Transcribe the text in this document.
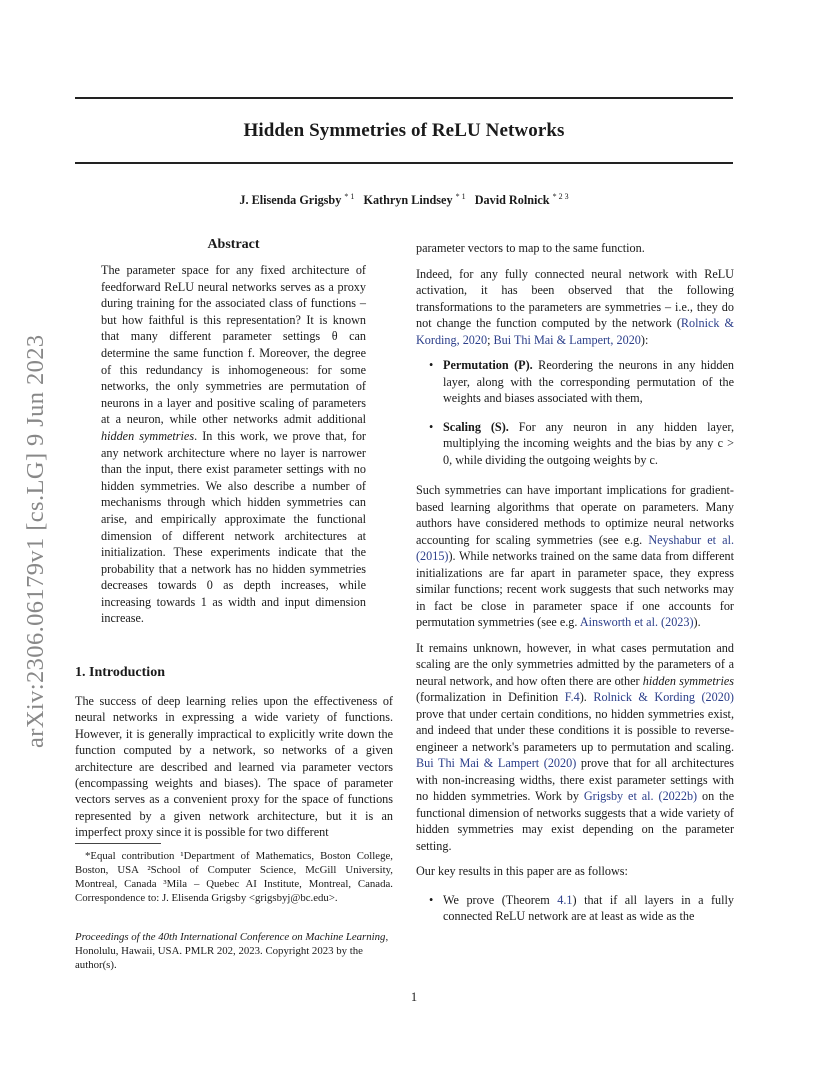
Hidden Symmetries of ReLU Networks
J. Elisenda Grigsby $^{* 1}$ Kathryn Lindsey $^{* 1}$ David Rolnick $^{* 2 3}$
arXiv:2306.06179v1 [cs.LG] 9 Jun 2023
Abstract

The parameter space for any fixed architecture of feedforward ReLU neural networks serves as a proxy during training for the associated class of functions – but how faithful is this representation? It is known that many different parameter settings θ can determine the same function f. Moreover, the degree of this redundancy is inhomogeneous: for some networks, the only symmetries are permutation of neurons in a layer and positive scaling of parameters at a neuron, while other networks admit additional hidden symmetries. In this work, we prove that, for any network architecture where no layer is narrower than the input, there exist parameter settings with no hidden symmetries. We also describe a number of mechanisms through which hidden symmetries can arise, and empirically approximate the functional dimension of different network architectures at initialization. These experiments indicate that the probability that a network has no hidden symmetries decreases towards 0 as depth increases, while increasing towards 1 as width and input dimension increase.

1. Introduction

The success of deep learning relies upon the effectiveness of neural networks in expressing a wide variety of functions. However, it is generally impractical to explicitly write down the function computed by a network, so networks of a given architecture are described and learned via parameter vectors (encompassing weights and biases). The space of parameter vectors serves as a convenient proxy for the space of functions represented by a given network architecture, but it is an imperfect proxy since it is possible for two different

*Equal contribution ¹Department of Mathematics, Boston College, Boston, USA ²School of Computer Science, McGill University, Montreal, Canada ³Mila – Quebec AI Institute, Montreal, Canada. Correspondence to: J. Elisenda Grigsby <grigsbyj@bc.edu>.

Proceedings of the 40th International Conference on Machine Learning, Honolulu, Hawaii, USA. PMLR 202, 2023. Copyright 2023 by the author(s).

parameter vectors to map to the same function.

Indeed, for any fully connected neural network with ReLU activation, it has been observed that the following transformations to the parameters are symmetries – i.e., they do not change the function computed by the network (Rolnick & Kording, 2020; Bui Thi Mai & Lampert, 2020):

• Permutation (P). Reordering the neurons in any hidden layer, along with the corresponding permutation of the weights and biases associated with them,
• Scaling (S). For any neuron in any hidden layer, multiplying the incoming weights and the bias by any c > 0, while dividing the outgoing weights by c.

Such symmetries can have important implications for gradient-based learning algorithms that operate on parameters. Many authors have considered methods to optimize neural networks accounting for scaling symmetries (see e.g. Neyshabur et al. (2015)). While networks trained on the same data from different initializations are far apart in parameter space, they express similar functions; recent work suggests that such networks may in fact be close in parameter space if one accounts for permutation symmetries (see e.g. Ainsworth et al. (2023)).

It remains unknown, however, in what cases permutation and scaling are the only symmetries admitted by the parameters of a neural network, and how often there are other hidden symmetries (formalization in Definition F.4). Rolnick & Kording (2020) prove that under certain conditions, no hidden symmetries exist, and indeed that under these conditions it is possible to reverse-engineer a network's parameters up to permutation and scaling. Bui Thi Mai & Lampert (2020) prove that for all architectures with non-increasing widths, there exist parameter settings with no hidden symmetries. Work by Grigsby et al. (2022b) on the functional dimension of networks suggests that a wide variety of hidden symmetries may exist depending on the parameter setting.

Our key results in this paper are as follows:

• We prove (Theorem 4.1) that if all layers in a fully connected ReLU network are at least as wide as the
1
